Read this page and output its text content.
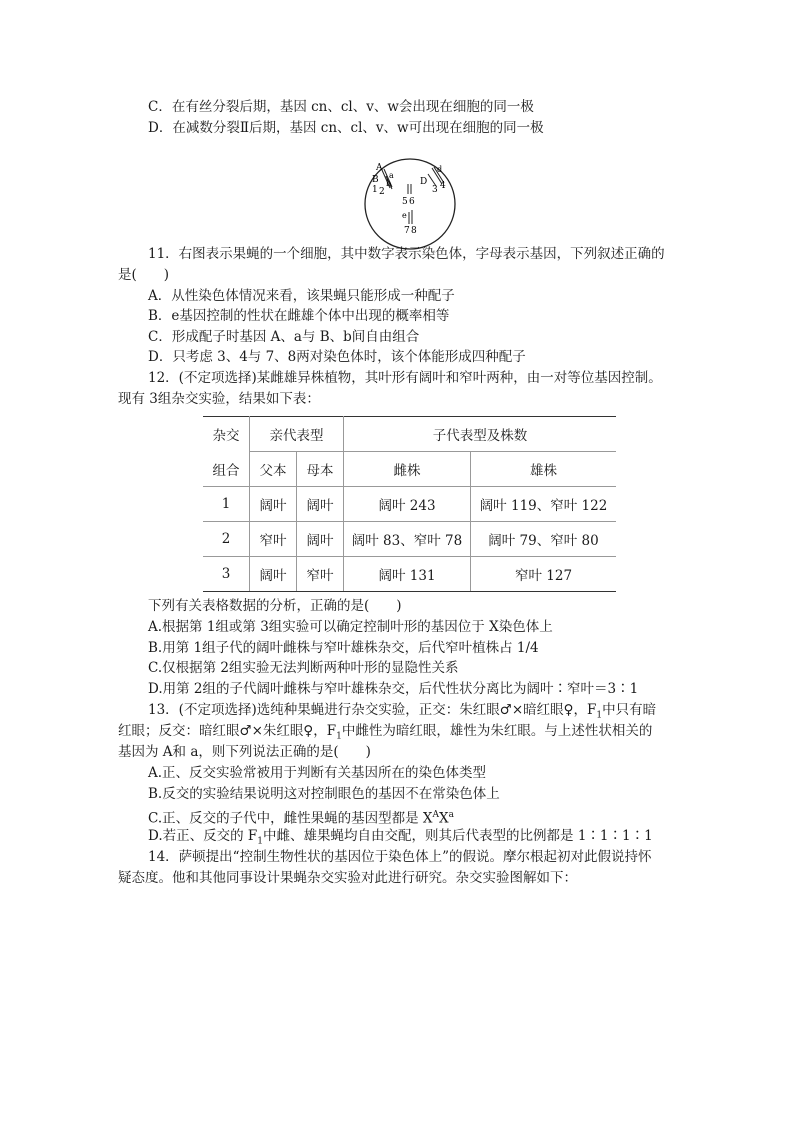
C．在有丝分裂后期，基因 cn、cl、v、w会出现在细胞的同一极
D．在减数分裂Ⅱ后期，基因 cn、cl、v、w可出现在细胞的同一极
A
B a
b
1 2
D
d
3 4
5 6
e
7 8
11．右图表示果蝇的一个细胞，其中数字表示染色体，字母表示基因，下列叙述正确的
是(　　)
A．从性染色体情况来看，该果蝇只能形成一种配子
B．e基因控制的性状在雌雄个体中出现的概率相等
C．形成配子时基因 A、a与 B、b间自由组合
D．只考虑 3、4与 7、8两对染色体时，该个体能形成四种配子
12．(不定项选择)某雌雄异株植物，其叶形有阔叶和窄叶两种，由一对等位基因控制。
现有 3组杂交实验，结果如下表：
杂交	亲代表型		子代表型及株数	
组合	父本	母本	雌株	雄株
1	阔叶	阔叶	阔叶 243	阔叶 119、窄叶 122
2	窄叶	阔叶	阔叶 83、窄叶 78	阔叶 79、窄叶 80
3	阔叶	窄叶	阔叶 131	窄叶 127
下列有关表格数据的分析，正确的是(　　)
A.根据第 1组或第 3组实验可以确定控制叶形的基因位于 X染色体上
B.用第 1组子代的阔叶雌株与窄叶雄株杂交，后代窄叶植株占 1/4
C.仅根据第 2组实验无法判断两种叶形的显隐性关系
D.用第 2组的子代阔叶雌株与窄叶雄株杂交，后代性状分离比为阔叶∶窄叶＝3∶1
13．(不定项选择)选纯种果蝇进行杂交实验，正交：朱红眼♂×暗红眼♀，$F_1$中只有暗
红眼；反交：暗红眼♂×朱红眼♀，$F_1$中雌性为暗红眼，雄性为朱红眼。与上述性状相关的
基因为 A和 a，则下列说法正确的是(　　)
A.正、反交实验常被用于判断有关基因所在的染色体类型
B.反交的实验结果说明这对控制眼色的基因不在常染色体上
C.正、反交的子代中，雌性果蝇的基因型都是 $X^AX^a$
D.若正、反交的 $F_1$中雌、雄果蝇均自由交配，则其后代表型的比例都是 1∶1∶1∶1
14．萨顿提出“控制生物性状的基因位于染色体上”的假说。摩尔根起初对此假说持怀
疑态度。他和其他同事设计果蝇杂交实验对此进行研究。杂交实验图解如下：
